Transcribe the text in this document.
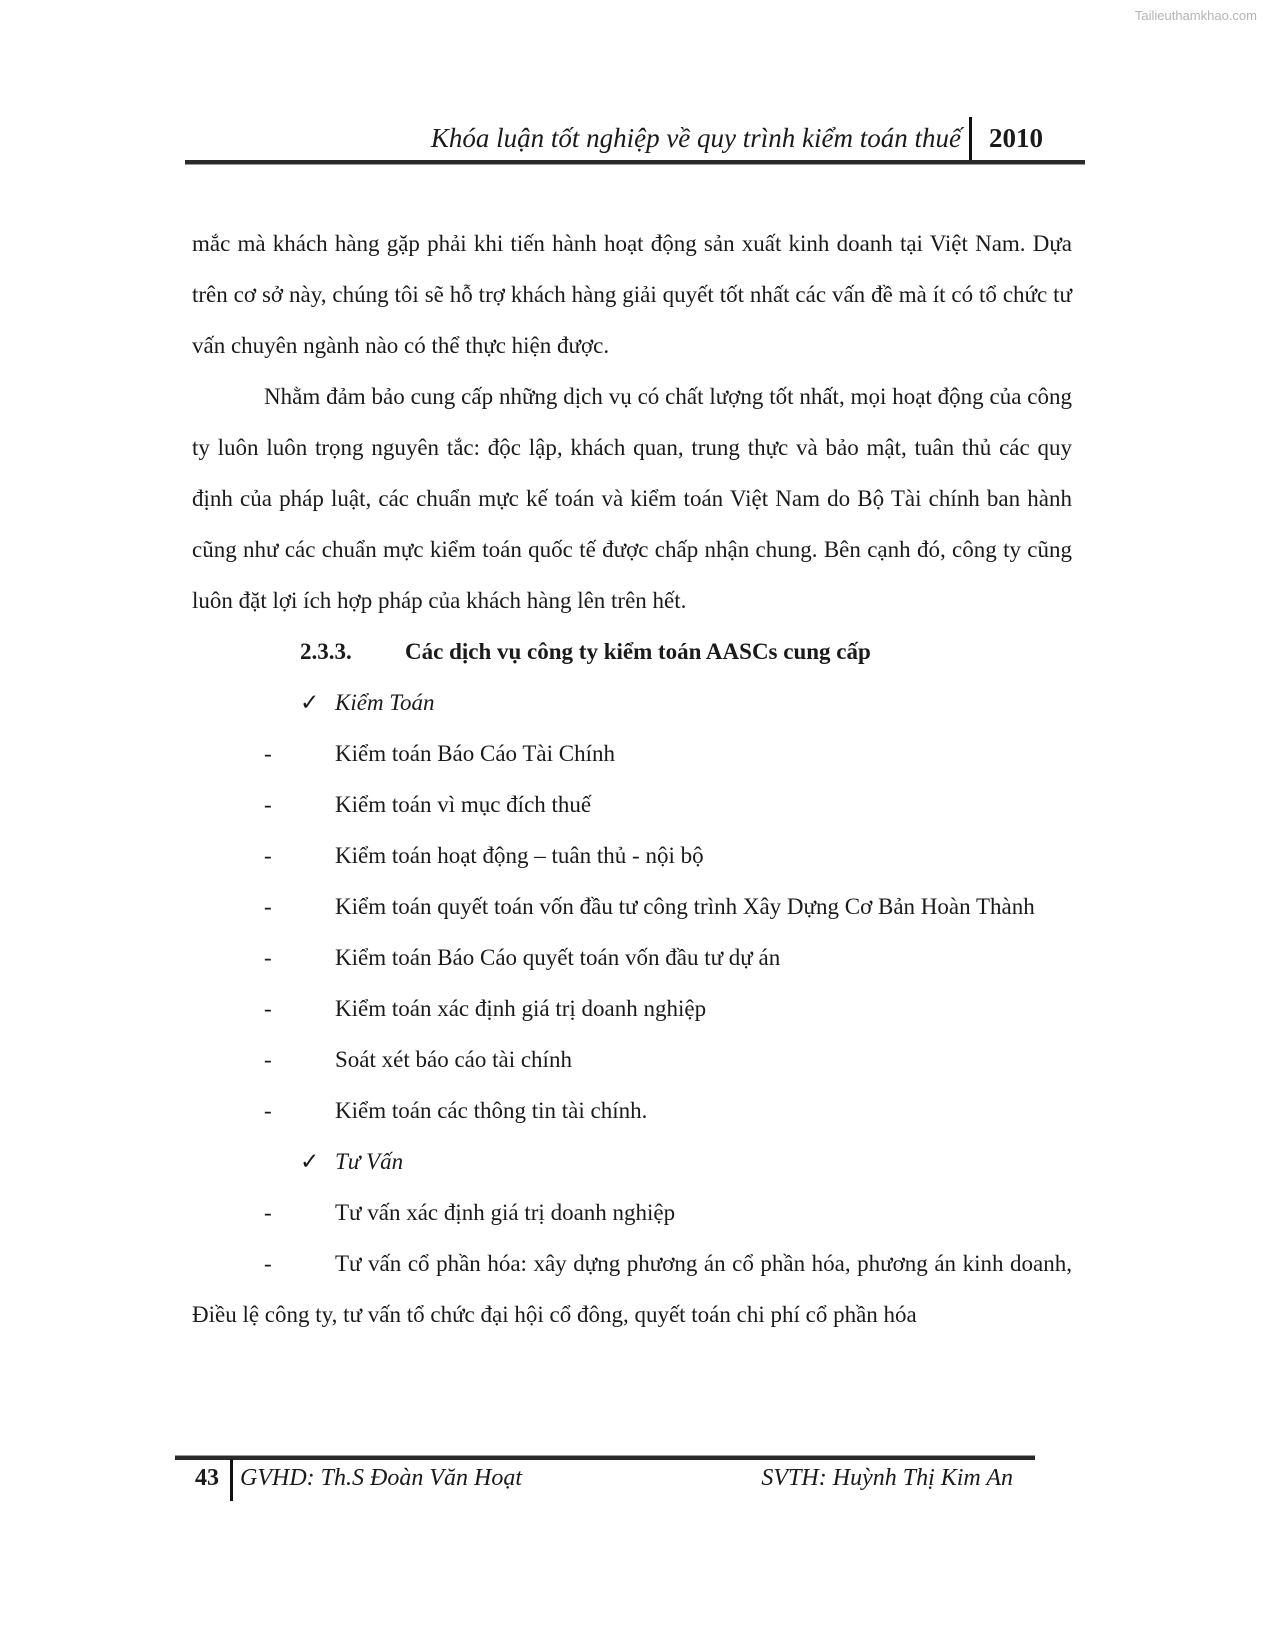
Tailieuthamkhao.com
Khóa luận tốt nghiệp về quy trình kiểm toán thuế 2010

mắc mà khách hàng gặp phải khi tiến hành hoạt động sản xuất kinh doanh tại Việt Nam. Dựa trên cơ sở này, chúng tôi sẽ hỗ trợ khách hàng giải quyết tốt nhất các vấn đề mà ít có tổ chức tư vấn chuyên ngành nào có thể thực hiện được.

Nhằm đảm bảo cung cấp những dịch vụ có chất lượng tốt nhất, mọi hoạt động của công ty luôn luôn trọng nguyên tắc: độc lập, khách quan, trung thực và bảo mật, tuân thủ các quy định của pháp luật, các chuẩn mực kế toán và kiểm toán Việt Nam do Bộ Tài chính ban hành cũng như các chuẩn mực kiểm toán quốc tế được chấp nhận chung. Bên cạnh đó, công ty cũng luôn đặt lợi ích hợp pháp của khách hàng lên trên hết.

2.3.3. Các dịch vụ công ty kiểm toán AASCs cung cấp
✓ Kiểm Toán
-	Kiểm toán Báo Cáo Tài Chính
-	Kiểm toán vì mục đích thuế
-	Kiểm toán hoạt động – tuân thủ - nội bộ

-	Kiểm toán quyết toán vốn đầu tư công trình Xây Dựng Cơ Bản Hoàn Thành

-	Kiểm toán Báo Cáo quyết toán vốn đầu tư dự án
-	Kiểm toán xác định giá trị doanh nghiệp
-	Soát xét báo cáo tài chính
-	Kiểm toán các thông tin tài chính.
✓ Tư Vấn
-	Tư vấn xác định giá trị doanh nghiệp

-	Tư vấn cổ phần hóa: xây dựng phương án cổ phần hóa, phương án kinh doanh, Điều lệ công ty, tư vấn tổ chức đại hội cổ đông, quyết toán chi phí cổ phần hóa

43 GVHD: Th.S Đoàn Văn Hoạt	SVTH: Huỳnh Thị Kim An
